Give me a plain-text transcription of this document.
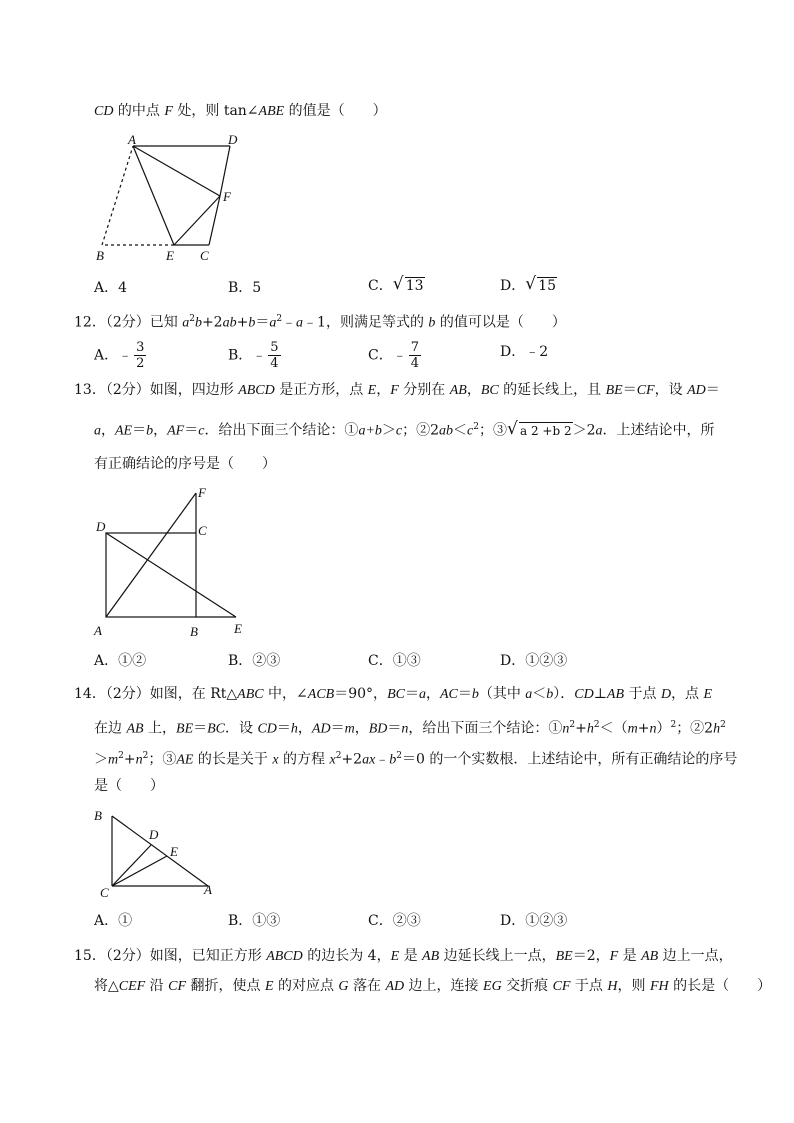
CD 的中点 F 处，则 tan∠ABE 的值是（　　）
A	D
F
B	E C
A．4	B．5	C． √ 13	D． √ 15
12．（2分）已知 $a^2b+2ab+b=a^2﹣a﹣1$，则满足等式的 b 的值可以是（　　）
A．﹣ $\frac{3}{2}$	B．﹣ $\frac{5}{4}$	C．﹣ $\frac{7}{4}$	D．﹣2
13．（2分）如图，四边形 ABCD 是正方形，点 E，F 分别在 AB，BC 的延长线上，且 BE＝CF，设 AD＝
a，AE＝b，AF＝c．给出下面三个结论：①a+b＞c；$②2ab<c^2$；③ √ a 2 +b 2＞2a．上述结论中，所
有正确结论的序号是（　　）
D	C
F
A	B	E
A．①②	B．②③	C．①③	D．①②③
14．（2分）如图，在 Rt△ABC 中，∠ACB＝90°，BC＝a，AC＝b（其中 a＜b）．CD⊥AB 于点 D，点 E
在边 AB 上，BE＝BC．设 CD＝h，AD＝m，BD＝n，给出下面三个结论：$①n^2+h^2<(m+n)^2$；$②2h^2$
$>m^2+n^2$；③AE 的长是关于 x 的方程 $x^2+2ax﹣b^2=0$ 的一个实数根．上述结论中，所有正确结论的序号
是（　　）
B
D
E
C	A
A．①	B．①③	C．②③	D．①②③
15．（2分）如图，已知正方形 ABCD 的边长为 4，E 是 AB 边延长线上一点，BE＝2，F 是 AB 边上一点，
将△CEF 沿 CF 翻折，使点 E 的对应点 G 落在 AD 边上，连接 EG 交折痕 CF 于点 H，则 FH 的长是（　　）
